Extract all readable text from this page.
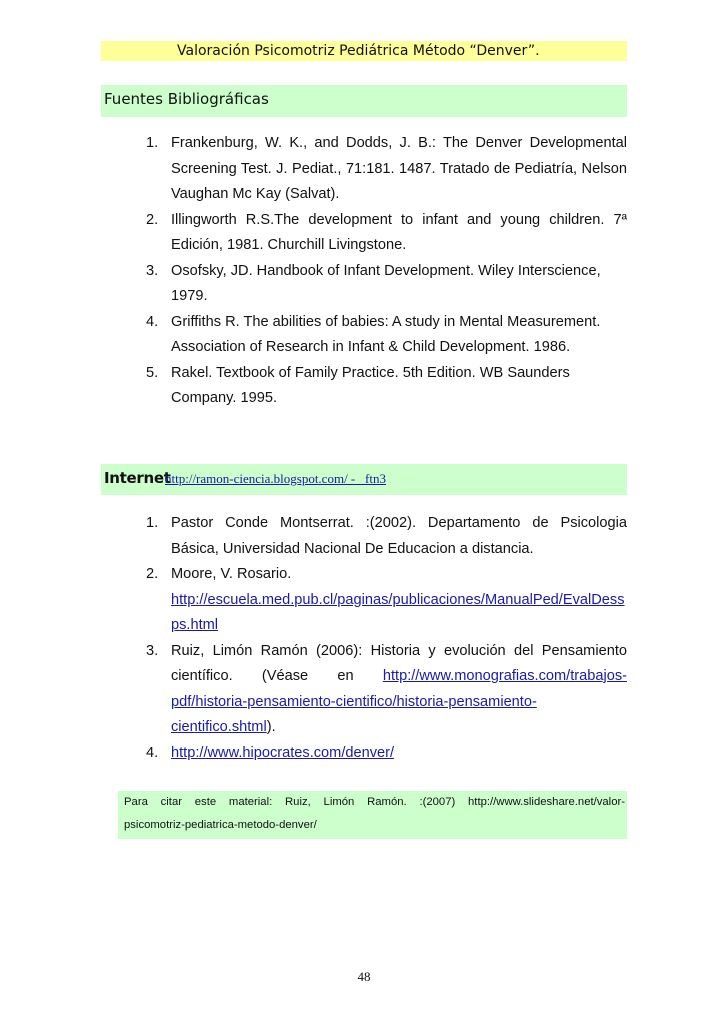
Valoración Psicomotriz Pediátrica Método “Denver”.
Fuentes Bibliográficas
1. Frankenburg, W. K., and Dodds, J. B.: The Denver Developmental Screening Test. J. Pediat., 71:181. 1487. Tratado de Pediatría, Nelson Vaughan Mc Kay (Salvat).
2. Illingworth R.S.The development to infant and young children. 7ª Edición, 1981. Churchill Livingstone.
3. Osofsky, JD. Handbook of Infant Development. Wiley Interscience, 1979.
4. Griffiths R. The abilities of babies: A study in Mental Measurement. Association of Research in Infant & Child Development. 1986.
5. Rakel. Textbook of Family Practice. 5th Edition. WB Saunders Company. 1995.
Internet
http://ramon-ciencia.blogspot.com/ - _ftn3
1. Pastor Conde Montserrat. :(2002). Departamento de Psicologia Básica, Universidad Nacional De Educacion a distancia.
2. Moore, V. Rosario.
http://escuela.med.pub.cl/paginas/publicaciones/ManualPed/EvalDessps.html
3. Ruiz, Limón Ramón (2006): Historia y evolución del Pensamiento científico. (Véase en http://www.monografias.com/trabajos-pdf/historia-pensamiento-cientifico/historia-pensamiento-cientifico.shtml).
4. http://www.hipocrates.com/denver/
Para citar este material: Ruiz, Limón Ramón. :(2007) http://www.slideshare.net/valor-
psicomotriz-pediatrica-metodo-denver/
48
